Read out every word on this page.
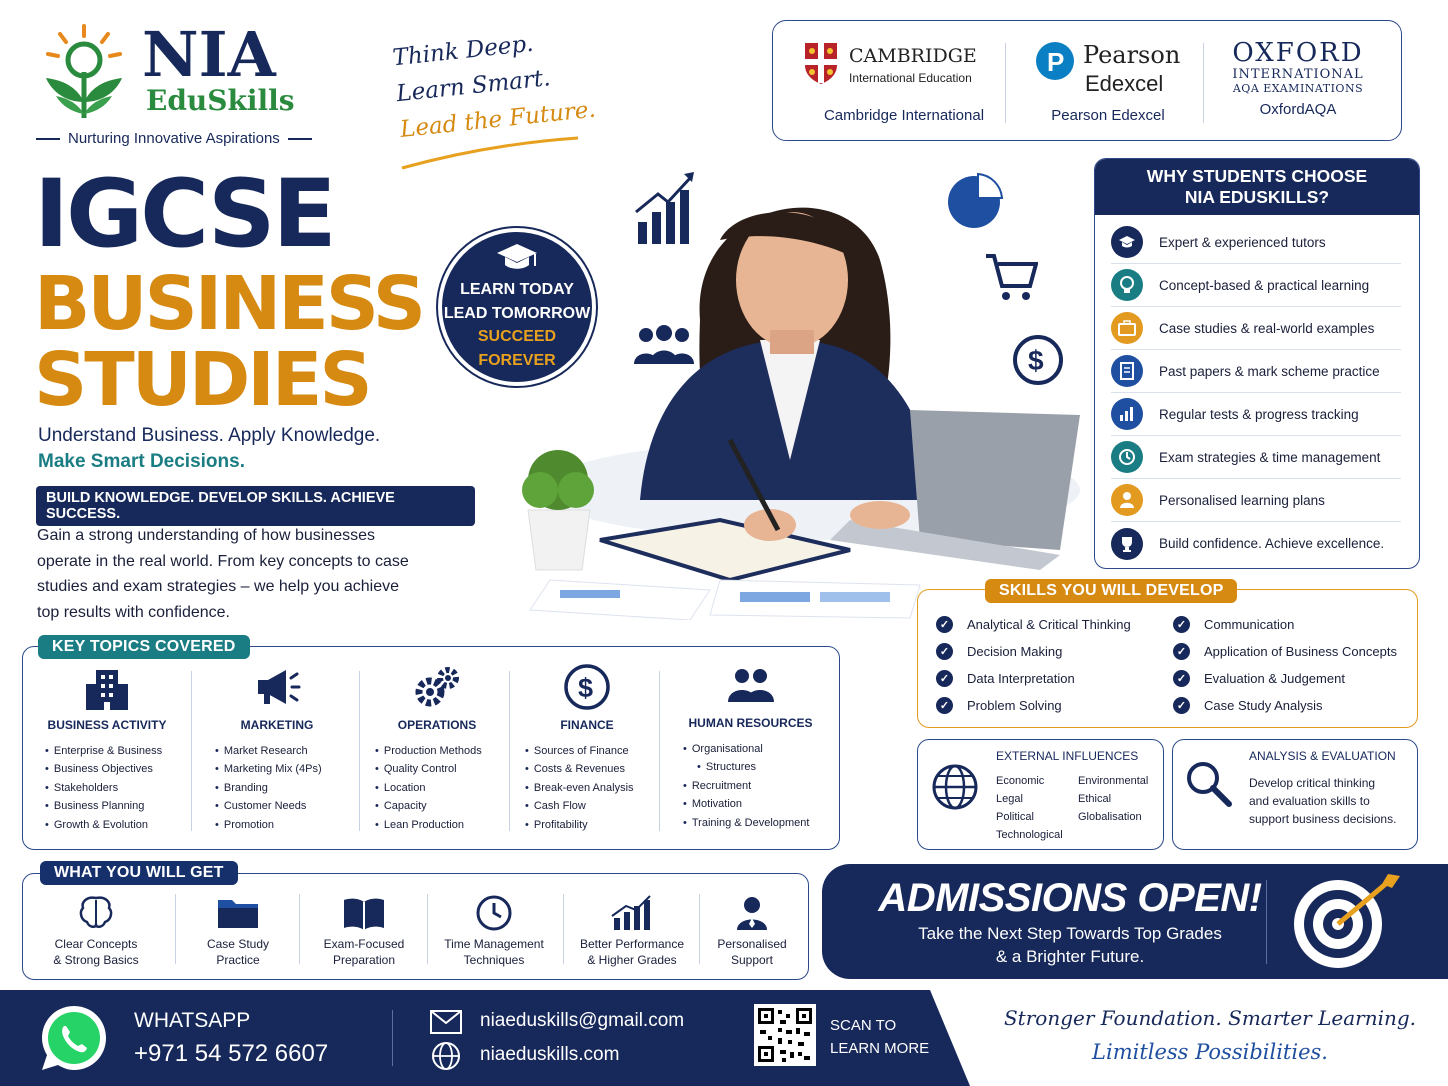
NIA
EduSkills
Nurturing Innovative Aspirations
Think Deep.
Learn Smart.
Lead the Future.
CAMBRIDGE
International Education
Cambridge International
P Pearson
Edexcel
Pearson Edexcel
OXFORD
INTERNATIONAL
AQA EXAMINATIONS
OxfordAQA
IGCSE
BUSINESS
STUDIES
Understand Business. Apply Knowledge.
Make Smart Decisions.
BUILD KNOWLEDGE. DEVELOP SKILLS. ACHIEVE SUCCESS.
Gain a strong understanding of how businesses operate in the real world. From key concepts to case studies and exam strategies – we help you achieve top results with confidence.
LEARN TODAY
LEAD TOMORROW
SUCCEED
FOREVER	$
WHY STUDENTS CHOOSE
NIA EDUSKILLS?
Expert & experienced tutors
Concept-based & practical learning
Case studies & real-world examples
Past papers & mark scheme practice
Regular tests & progress tracking
Exam strategies & time management
Personalised learning plans
Build confidence. Achieve excellence.
✓ Analytical & Critical Thinking
✓ Decision Making
✓ Data Interpretation
✓ Problem Solving
✓ Communication
✓ Application of Business Concepts
✓ Evaluation & Judgement
✓ Case Study Analysis
SKILLS YOU WILL DEVELOP
BUSINESS ACTIVITY
• Enterprise & Business
• Business Objectives
• Stakeholders
• Business Planning
• Growth & Evolution
MARKETING
• Market Research
• Marketing Mix (4Ps)
• Branding
• Customer Needs
• Promotion
OPERATIONS
• Production Methods
• Quality Control
• Location
• Capacity
• Lean Production
$
FINANCE
• Sources of Finance
• Costs & Revenues
• Break-even Analysis
• Cash Flow
• Profitability
HUMAN RESOURCES
• Organisational
• Structures
• Recruitment
• Motivation
• Training & Development
KEY TOPICS COVERED
EXTERNAL INFLUENCES
Economic
Legal
Political
Technological
Environmental
Ethical
Globalisation
ANALYSIS & EVALUATION
Develop critical thinking
and evaluation skills to
support business decisions.
Clear Concepts
& Strong Basics
Case Study
Practice
Exam-Focused
Preparation
Time Management
Techniques
Better Performance
& Higher Grades
Personalised
Support
WHAT YOU WILL GET
ADMISSIONS OPEN!
Take the Next Step Towards Top Grades
& a Brighter Future.
WHATSAPP
+971 54 572 6607
niaeduskills@gmail.com
niaeduskills.com
SCAN TO
LEARN MORE
Stronger Foundation. Smarter Learning.
Limitless Possibilities.
